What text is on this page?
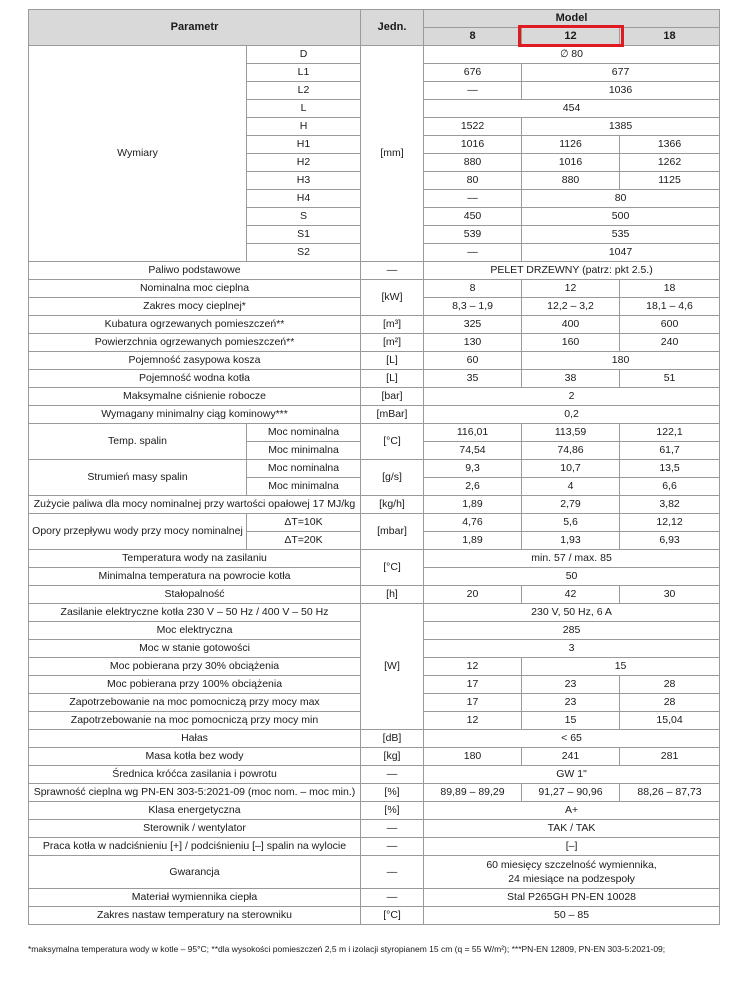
Parametr		Jedn.	Model		
			8	12	18
Wymiary	D	[mm]	∅ 80		
	L1		676	677	
	L2		—	1036	
	L		454		
	H		1522	1385	
	H1		1016	1126	1366
	H2		880	1016	1262
	H3		80	880	1125
	H4		—	80	
	S		450	500	
	S1		539	535	
	S2		—	1047	
Paliwo podstawowe		—	PELET DRZEWNY (patrz: pkt 2.5.)		
Nominalna moc cieplna		[kW]	8	12	18
Zakres mocy cieplnej*			8,3 – 1,9	12,2 – 3,2	18,1 – 4,6
Kubatura ogrzewanych pomieszczeń**		[m³]	325	400	600
Powierzchnia ogrzewanych pomieszczeń**		[m²]	130	160	240
Pojemność zasypowa kosza		[L]	60	180	
Pojemność wodna kotła		[L]	35	38	51
Maksymalne ciśnienie robocze		[bar]	2		
Wymagany minimalny ciąg kominowy***		[mBar]	0,2		
Temp. spalin	Moc nominalna	[°C]	116,01	113,59	122,1
	Moc minimalna		74,54	74,86	61,7
Strumień masy spalin	Moc nominalna	[g/s]	9,3	10,7	13,5
	Moc minimalna		2,6	4	6,6
Zużycie paliwa dla mocy nominalnej przy wartości opałowej 17 MJ/kg		[kg/h]	1,89	2,79	3,82
Opory przepływu wody przy mocy nominalnej	ΔT=10K	[mbar]	4,76	5,6	12,12
	ΔT=20K		1,89	1,93	6,93
Temperatura wody na zasilaniu		[°C]	min. 57 / max. 85		
Minimalna temperatura na powrocie kotła			50		
Stałopalność		[h]	20	42	30
Zasilanie elektryczne kotła 230 V – 50 Hz / 400 V – 50 Hz		[W]	230 V, 50 Hz, 6 A		
Moc elektryczna			285		
Moc w stanie gotowości			3		
Moc pobierana przy 30% obciążenia			12	15	
Moc pobierana przy 100% obciążenia			17	23	28
Zapotrzebowanie na moc pomocniczą przy mocy max			17	23	28
Zapotrzebowanie na moc pomocniczą przy mocy min			12	15	15,04
Hałas		[dB]	< 65		
Masa kotła bez wody		[kg]	180	241	281
Średnica króćca zasilania i powrotu		—	GW 1"		
Sprawność cieplna wg PN-EN 303-5:2021-09 (moc nom. – moc min.)		[%]	89,89 – 89,29	91,27 – 90,96	88,26 – 87,73
Klasa energetyczna		[%]	A+		
Sterownik / wentylator		—	TAK / TAK		
Praca kotła w nadciśnieniu [+] / podciśnieniu [–] spalin na wylocie		—	[–]		
Gwarancja		—	60 miesięcy szczelność wymiennika,
24 miesiące na podzespoły		

Materiał wymiennika ciepła		—	Stal P265GH PN-EN 10028		
Zakres nastaw temperatury na sterowniku		[°C]	50 – 85		
*maksymalna temperatura wody w kotle – 95°C; **dla wysokości pomieszczeń 2,5 m i izolacji styropianem 15 cm (q = 55 W/m²); ***PN-EN 12809, PN-EN 303-5:2021-09;
